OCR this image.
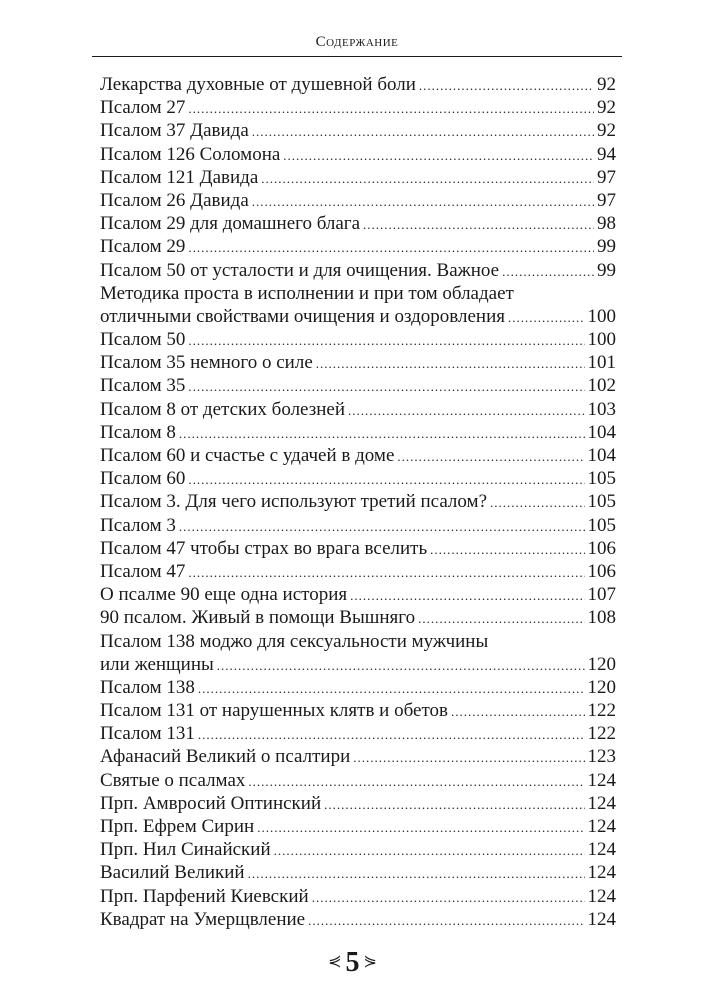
Содержание
Лекарства духовные от душевной боли .....	92
Псалом 27 .....	92
Псалом 37 Давида .....	92
Псалом 126 Соломона .....	94
Псалом 121 Давида .....	97
Псалом 26 Давида .....	97
Псалом 29 для домашнего блага .....	98
Псалом 29 .....	99
Псалом 50 от усталости и для очищения. Важное .....	99
Методика проста в исполнении и при том обладает
отличными свойствами очищения и оздоровления .....	100
Псалом 50 .....	100
Псалом 35 немного о силе .....	101
Псалом 35 .....	102
Псалом 8 от детских болезней .....	103
Псалом 8 .....	104
Псалом 60 и счастье с удачей в доме .....	104
Псалом 60 .....	105
Псалом 3. Для чего используют третий псалом? .....	105
Псалом 3 .....	105
Псалом 47 чтобы страх во врага вселить .....	106
Псалом 47 .....	106
О псалме 90 еще одна история .....	107
90 псалом. Живый в помощи Вышняго .....	108
Псалом 138 моджо для сексуальности мужчины
или женщины .....	120
Псалом 138 .....	120
Псалом 131 от нарушенных клятв и обетов .....	122
Псалом 131 .....	122
Афанасий Великий о псалтири .....	123
Святые о псалмах .....	124
Прп. Амвросий Оптинский .....	124
Прп. Ефрем Сирин .....	124
Прп. Нил Синайский .....	124
Василий Великий .....	124
Прп. Парфений Киевский .....	124
Квадрат на Умерщвление .....	124
⋞ 5 ⋟
